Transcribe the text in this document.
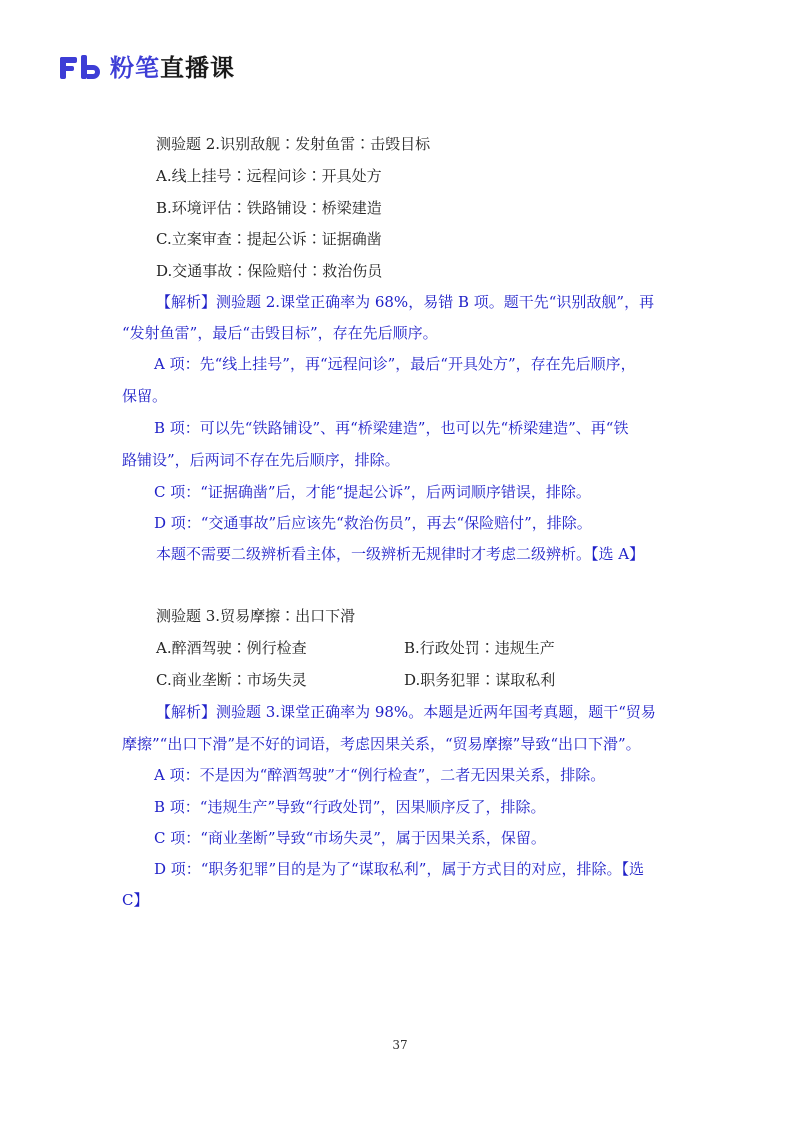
粉笔直播课
测验题 2.识别敌舰∶发射鱼雷∶击毁目标
A.线上挂号∶远程问诊∶开具处方
B.环境评估∶铁路铺设∶桥梁建造
C.立案审查∶提起公诉∶证据确凿
D.交通事故∶保险赔付∶救治伤员
【解析】测验题 2.课堂正确率为 68%，易错 B 项。题干先“识别敌舰”，再
“发射鱼雷”，最后“击毁目标”，存在先后顺序。
A 项：先“线上挂号”，再“远程问诊”，最后“开具处方”，存在先后顺序，
保留。
B 项：可以先“铁路铺设”、再“桥梁建造”，也可以先“桥梁建造”、再“铁
路铺设”，后两词不存在先后顺序，排除。
C 项：“证据确凿”后，才能“提起公诉”，后两词顺序错误，排除。
D 项：“交通事故”后应该先“救治伤员”，再去“保险赔付”，排除。
本题不需要二级辨析看主体，一级辨析无规律时才考虑二级辨析。【选 A】
测验题 3.贸易摩擦∶出口下滑
A.醉酒驾驶∶例行检查	B.行政处罚∶违规生产
C.商业垄断∶市场失灵	D.职务犯罪∶谋取私利
【解析】测验题 3.课堂正确率为 98%。本题是近两年国考真题，题干“贸易
摩擦”“出口下滑”是不好的词语，考虑因果关系，“贸易摩擦”导致“出口下滑”。
A 项：不是因为“醉酒驾驶”才“例行检查”，二者无因果关系，排除。
B 项：“违规生产”导致“行政处罚”，因果顺序反了，排除。
C 项：“商业垄断”导致“市场失灵”，属于因果关系，保留。
D 项：“职务犯罪”目的是为了“谋取私利”，属于方式目的对应，排除。【选
C】
37
